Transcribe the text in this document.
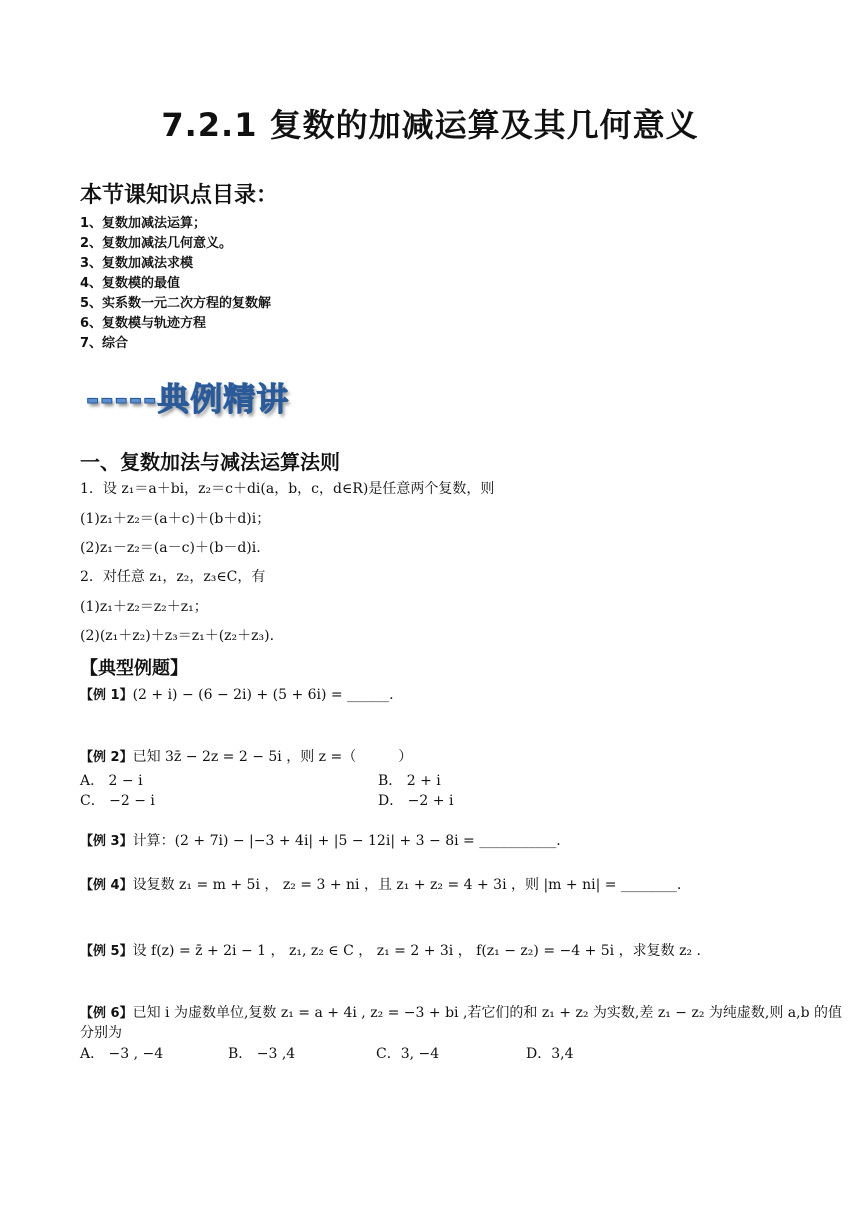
7.2.1 复数的加减运算及其几何意义
本节课知识点目录：
1、复数加减法运算；
2、复数加减法几何意义。
3、复数加减法求模
4、复数模的最值
5、实系数一元二次方程的复数解
6、复数模与轨迹方程
7、综合
-----典例精讲
一、复数加法与减法运算法则
1．设 z₁＝a＋bi，z₂＝c＋di(a，b，c，d∈R)是任意两个复数，则
(1)z₁＋z₂＝(a＋c)＋(b＋d)i；
(2)z₁－z₂＝(a－c)＋(b－d)i.
2．对任意 z₁，z₂，z₃∈C，有
(1)z₁＋z₂＝z₂＋z₁；
(2)(z₁＋z₂)＋z₃＝z₁＋(z₂＋z₃).
【典型例题】
【例 1】(2 + i) − (6 − 2i) + (5 + 6i) = ______.
【例 2】已知 3z̄ − 2z = 2 − 5i ，则 z =（　　　）
A． 2 − i	B． 2 + i
C． −2 − i	D． −2 + i
【例 3】计算：(2 + 7i) − |−3 + 4i| + |5 − 12i| + 3 − 8i = ___________.
【例 4】设复数 z₁ = m + 5i ， z₂ = 3 + ni ，且 z₁ + z₂ = 4 + 3i ，则 |m + ni| = ________.
【例 5】设 f(z) = z̄ + 2i − 1 ， z₁, z₂ ∈ C ， z₁ = 2 + 3i ， f(z₁ − z₂) = −4 + 5i ，求复数 z₂ .
【例 6】已知 i 为虚数单位,复数 z₁ = a + 4i , z₂ = −3 + bi ,若它们的和 z₁ + z₂ 为实数,差 z₁ − z₂ 为纯虚数,则 a,b 的值
分别为
A． −3 , −4	B． −3 ,4	C．3, −4	D．3,4
